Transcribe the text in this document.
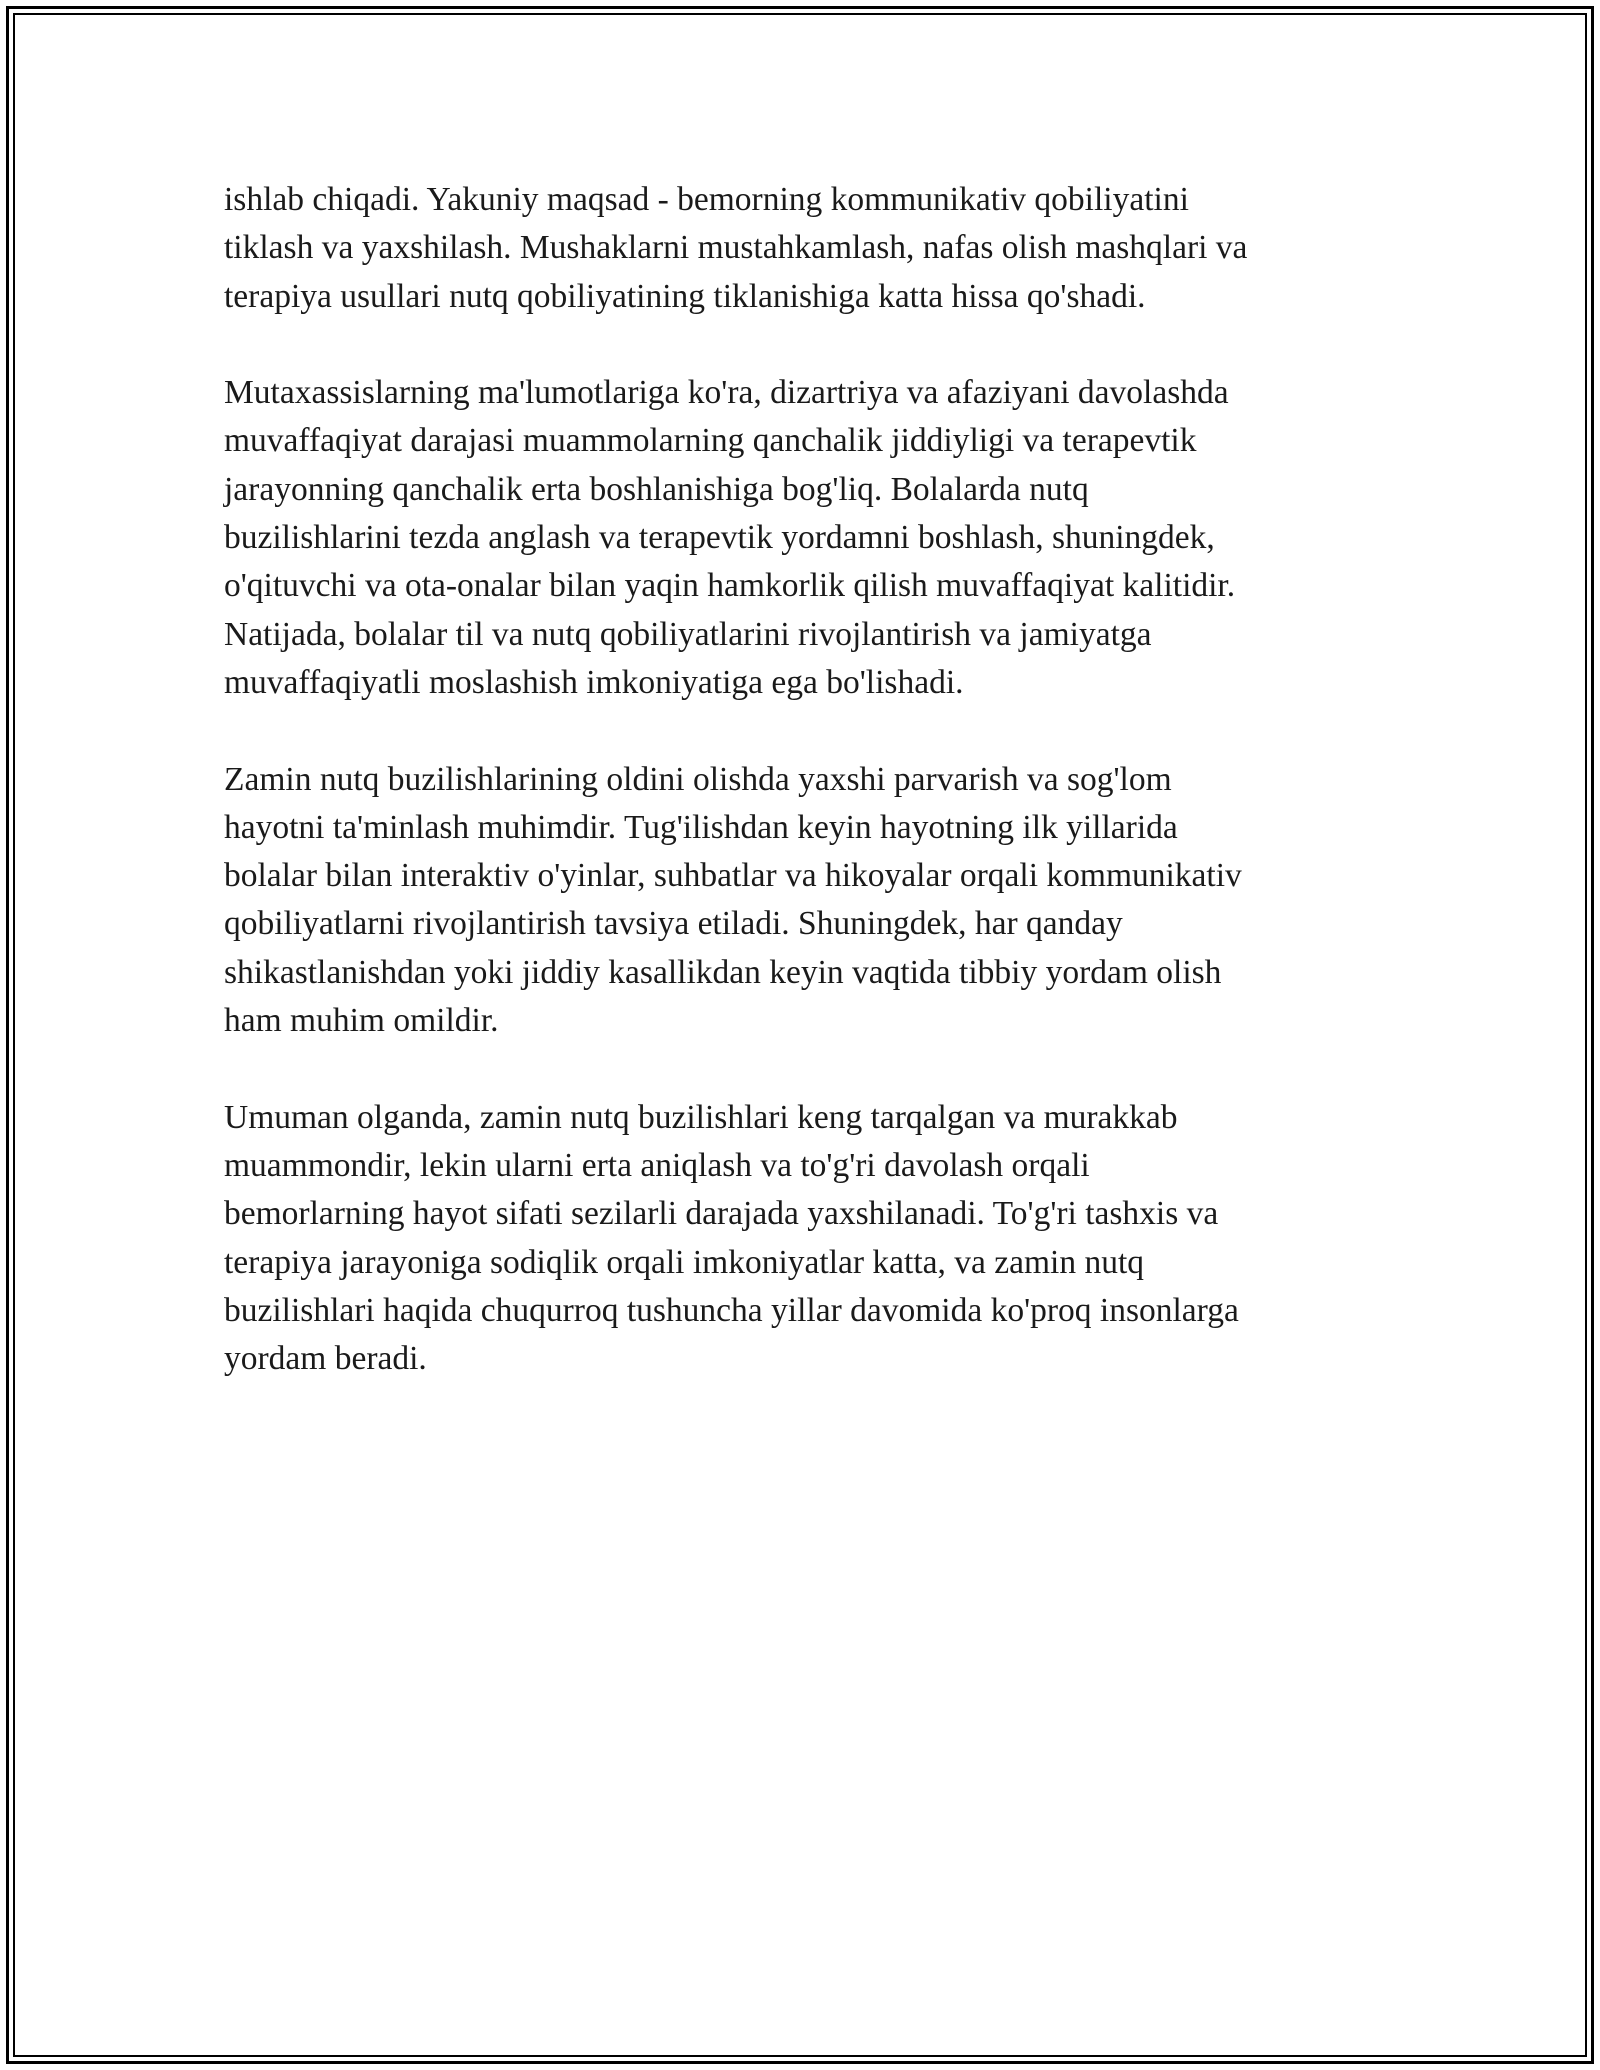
ishlab chiqadi. Yakuniy maqsad - bemorning kommunikativ qobiliyatini
tiklash va yaxshilash. Mushaklarni mustahkamlash, nafas olish mashqlari va
terapiya usullari nutq qobiliyatining tiklanishiga katta hissa qo'shadi.

Mutaxassislarning ma'lumotlariga ko'ra, dizartriya va afaziyani davolashda
muvaffaqiyat darajasi muammolarning qanchalik jiddiyligi va terapevtik
jarayonning qanchalik erta boshlanishiga bog'liq. Bolalarda nutq
buzilishlarini tezda anglash va terapevtik yordamni boshlash, shuningdek,
o'qituvchi va ota-onalar bilan yaqin hamkorlik qilish muvaffaqiyat kalitidir.
Natijada, bolalar til va nutq qobiliyatlarini rivojlantirish va jamiyatga
muvaffaqiyatli moslashish imkoniyatiga ega bo'lishadi.

Zamin nutq buzilishlarining oldini olishda yaxshi parvarish va sog'lom
hayotni ta'minlash muhimdir. Tug'ilishdan keyin hayotning ilk yillarida
bolalar bilan interaktiv o'yinlar, suhbatlar va hikoyalar orqali kommunikativ
qobiliyatlarni rivojlantirish tavsiya etiladi. Shuningdek, har qanday
shikastlanishdan yoki jiddiy kasallikdan keyin vaqtida tibbiy yordam olish
ham muhim omildir.

Umuman olganda, zamin nutq buzilishlari keng tarqalgan va murakkab
muammondir, lekin ularni erta aniqlash va to'g'ri davolash orqali
bemorlarning hayot sifati sezilarli darajada yaxshilanadi. To'g'ri tashxis va
terapiya jarayoniga sodiqlik orqali imkoniyatlar katta, va zamin nutq
buzilishlari haqida chuqurroq tushuncha yillar davomida ko'proq insonlarga
yordam beradi.
